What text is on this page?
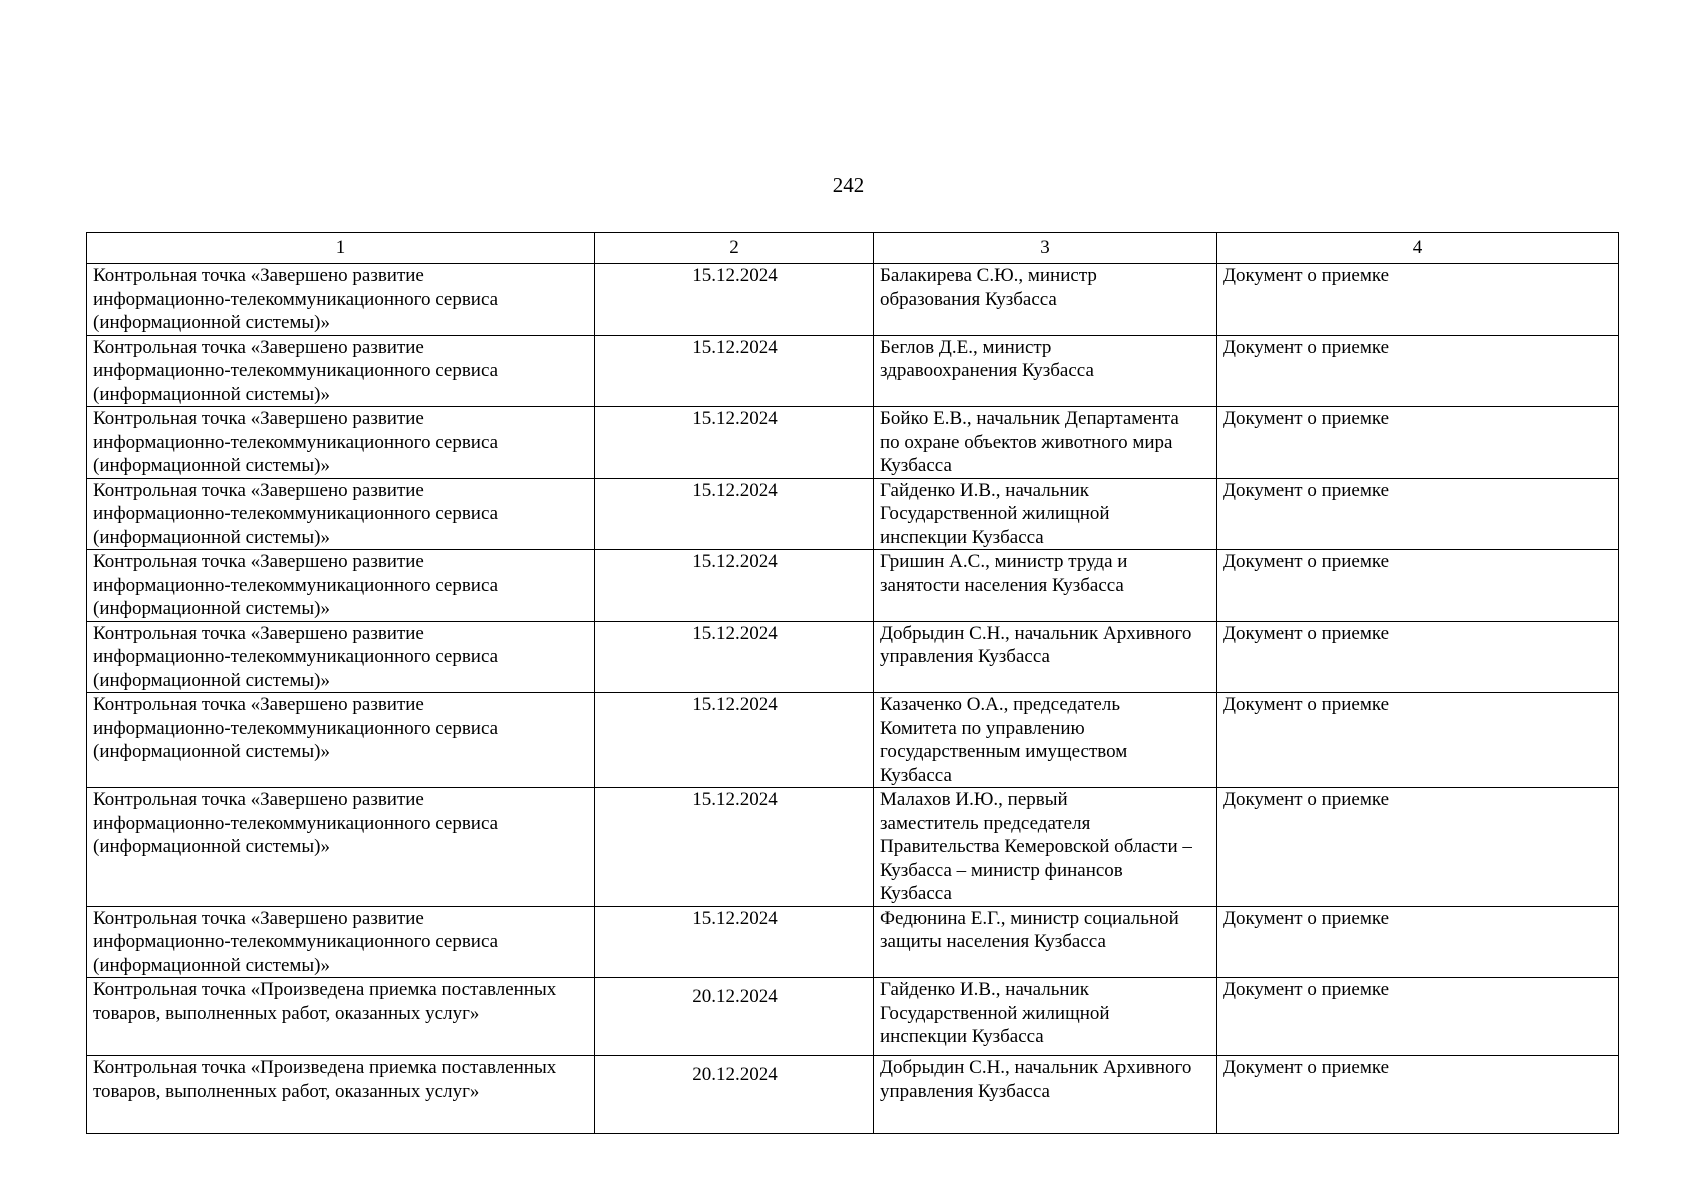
242
1	2	3	4
Контрольная точка «Завершено развитие
информационно-телекоммуникационного сервиса
(информационной системы)»	15.12.2024	Балакирева С.Ю., министр
образования Кузбасса	Документ о приемке
Контрольная точка «Завершено развитие
информационно-телекоммуникационного сервиса
(информационной системы)»	15.12.2024	Беглов Д.Е., министр
здравоохранения Кузбасса	Документ о приемке
Контрольная точка «Завершено развитие
информационно-телекоммуникационного сервиса
(информационной системы)»	15.12.2024	Бойко Е.В., начальник Департамента
по охране объектов животного мира
Кузбасса	Документ о приемке
Контрольная точка «Завершено развитие
информационно-телекоммуникационного сервиса
(информационной системы)»	15.12.2024	Гайденко И.В., начальник
Государственной жилищной
инспекции Кузбасса	Документ о приемке
Контрольная точка «Завершено развитие
информационно-телекоммуникационного сервиса
(информационной системы)»	15.12.2024	Гришин А.С., министр труда и
занятости населения Кузбасса	Документ о приемке
Контрольная точка «Завершено развитие
информационно-телекоммуникационного сервиса
(информационной системы)»	15.12.2024	Добрыдин С.Н., начальник Архивного
управления Кузбасса	Документ о приемке
Контрольная точка «Завершено развитие
информационно-телекоммуникационного сервиса
(информационной системы)»	15.12.2024	Казаченко О.А., председатель
Комитета по управлению
государственным имуществом
Кузбасса	Документ о приемке
Контрольная точка «Завершено развитие
информационно-телекоммуникационного сервиса
(информационной системы)»	15.12.2024	Малахов И.Ю., первый
заместитель председателя
Правительства Кемеровской области –
Кузбасса – министр финансов
Кузбасса	Документ о приемке
Контрольная точка «Завершено развитие
информационно-телекоммуникационного сервиса
(информационной системы)»	15.12.2024	Федюнина Е.Г., министр социальной
защиты населения Кузбасса	Документ о приемке
Контрольная точка «Произведена приемка поставленных
товаров, выполненных работ, оказанных услуг»	20.12.2024	Гайденко И.В., начальник
Государственной жилищной
инспекции Кузбасса	Документ о приемке
Контрольная точка «Произведена приемка поставленных
товаров, выполненных работ, оказанных услуг»	20.12.2024	Добрыдин С.Н., начальник Архивного
управления Кузбасса	Документ о приемке
